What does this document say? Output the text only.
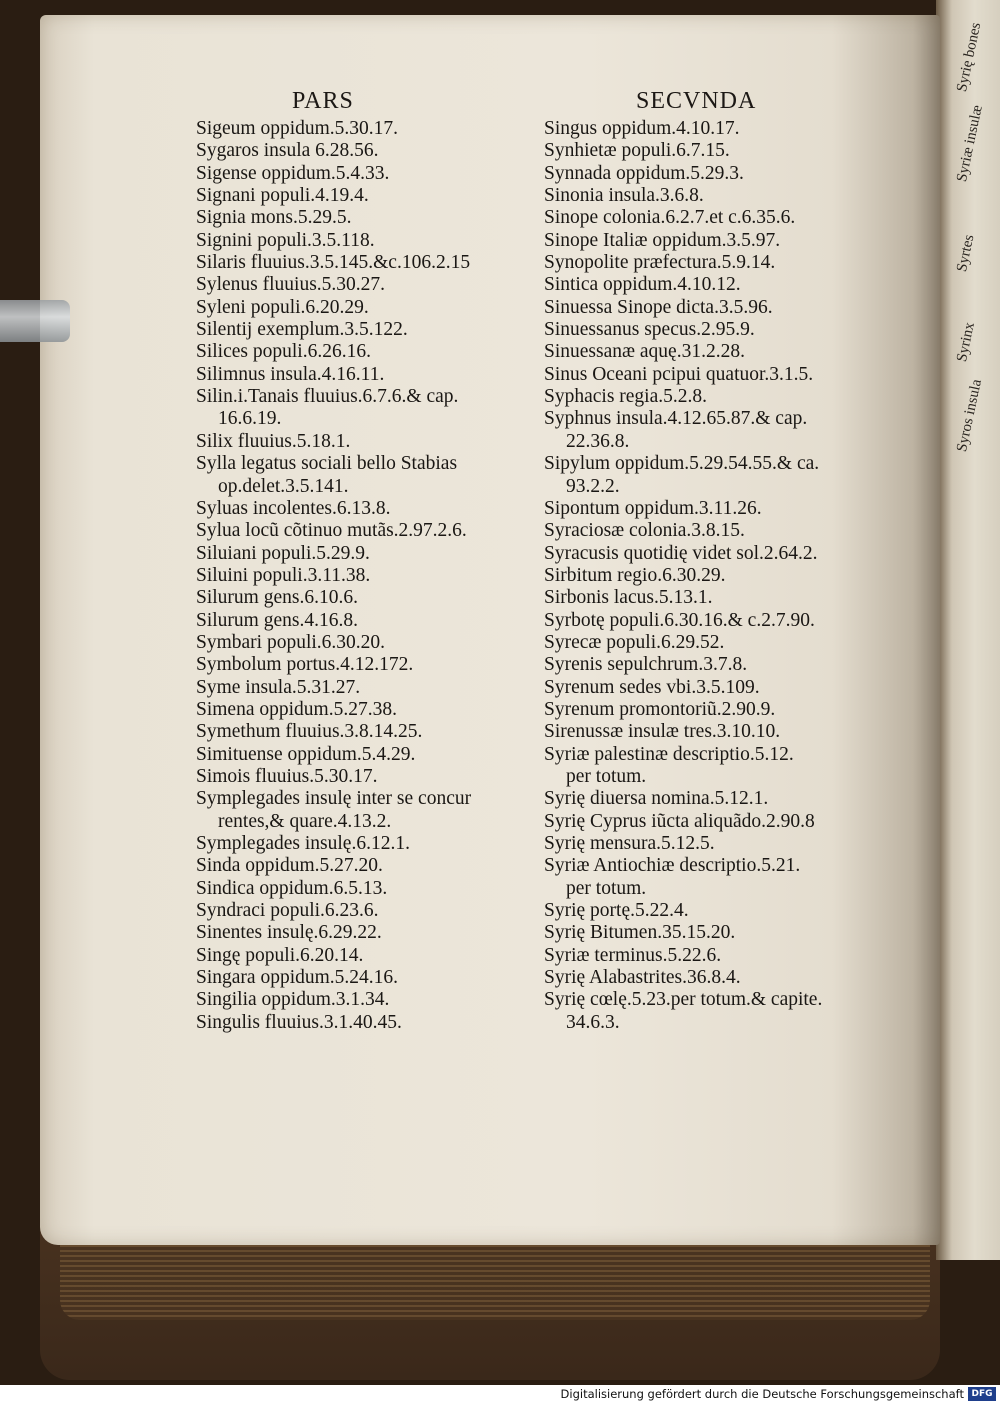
Syrię bones
Syriæ insulæ
Syrtes
Syrinx
Syros insula
PARS	SECVNDA
Sigeum oppidum.5.30.17.
Sygaros insula 6.28.56.
Sigense oppidum.5.4.33.
Signani populi.4.19.4.
Signia mons.5.29.5.
Signini populi.3.5.118.
Silaris fluuius.3.5.145.&c.106.2.15
Sylenus fluuius.5.30.27.
Syleni populi.6.20.29.
Silentij exemplum.3.5.122.
Silices populi.6.26.16.
Silimnus insula.4.16.11.
Silin.i.Tanais fluuius.6.7.6.& cap.
16.6.19.
Silix fluuius.5.18.1.
Sylla legatus sociali bello Stabias
op.delet.3.5.141.
Syluas incolentes.6.13.8.
Sylua locũ cõtinuo mutãs.2.97.2.6.
Siluiani populi.5.29.9.
Siluini populi.3.11.38.
Silurum gens.6.10.6.
Silurum gens.4.16.8.
Symbari populi.6.30.20.
Symbolum portus.4.12.172.
Syme insula.5.31.27.
Simena oppidum.5.27.38.
Symethum fluuius.3.8.14.25.
Simituense oppidum.5.4.29.
Simois fluuius.5.30.17.
Symplegades insulę inter se concur
rentes,& quare.4.13.2.
Symplegades insulę.6.12.1.
Sinda oppidum.5.27.20.
Sindica oppidum.6.5.13.
Syndraci populi.6.23.6.
Sinentes insulę.6.29.22.
Singę populi.6.20.14.
Singara oppidum.5.24.16.
Singilia oppidum.3.1.34.
Singulis fluuius.3.1.40.45.
Singus oppidum.4.10.17.
Synhietæ populi.6.7.15.
Synnada oppidum.5.29.3.
Sinonia insula.3.6.8.
Sinope colonia.6.2.7.et c.6.35.6.
Sinope Italiæ oppidum.3.5.97.
Synopolite præfectura.5.9.14.
Sintica oppidum.4.10.12.
Sinuessa Sinope dicta.3.5.96.
Sinuessanus specus.2.95.9.
Sinuessanæ aquę.31.2.28.
Sinus Oceani pcipui quatuor.3.1.5.
Syphacis regia.5.2.8.
Syphnus insula.4.12.65.87.& cap.
22.36.8.
Sipylum oppidum.5.29.54.55.& ca.
93.2.2.
Sipontum oppidum.3.11.26.
Syraciosæ colonia.3.8.15.
Syracusis quotidię videt sol.2.64.2.
Sirbitum regio.6.30.29.
Sirbonis lacus.5.13.1.
Syrbotę populi.6.30.16.& c.2.7.90.
Syrecæ populi.6.29.52.
Syrenis sepulchrum.3.7.8.
Syrenum sedes vbi.3.5.109.
Syrenum promontoriũ.2.90.9.
Sirenussæ insulæ tres.3.10.10.
Syriæ palestinæ descriptio.5.12.
per totum.
Syrię diuersa nomina.5.12.1.
Syrię Cyprus iũcta aliquãdo.2.90.8
Syrię mensura.5.12.5.
Syriæ Antiochiæ descriptio.5.21.
per totum.
Syrię portę.5.22.4.
Syrię Bitumen.35.15.20.
Syriæ terminus.5.22.6.
Syrię Alabastrites.36.8.4.
Syrię cœlę.5.23.per totum.& capite.
34.6.3.
Digitalisierung gefördert durch die Deutsche Forschungsgemeinschaft DFG
